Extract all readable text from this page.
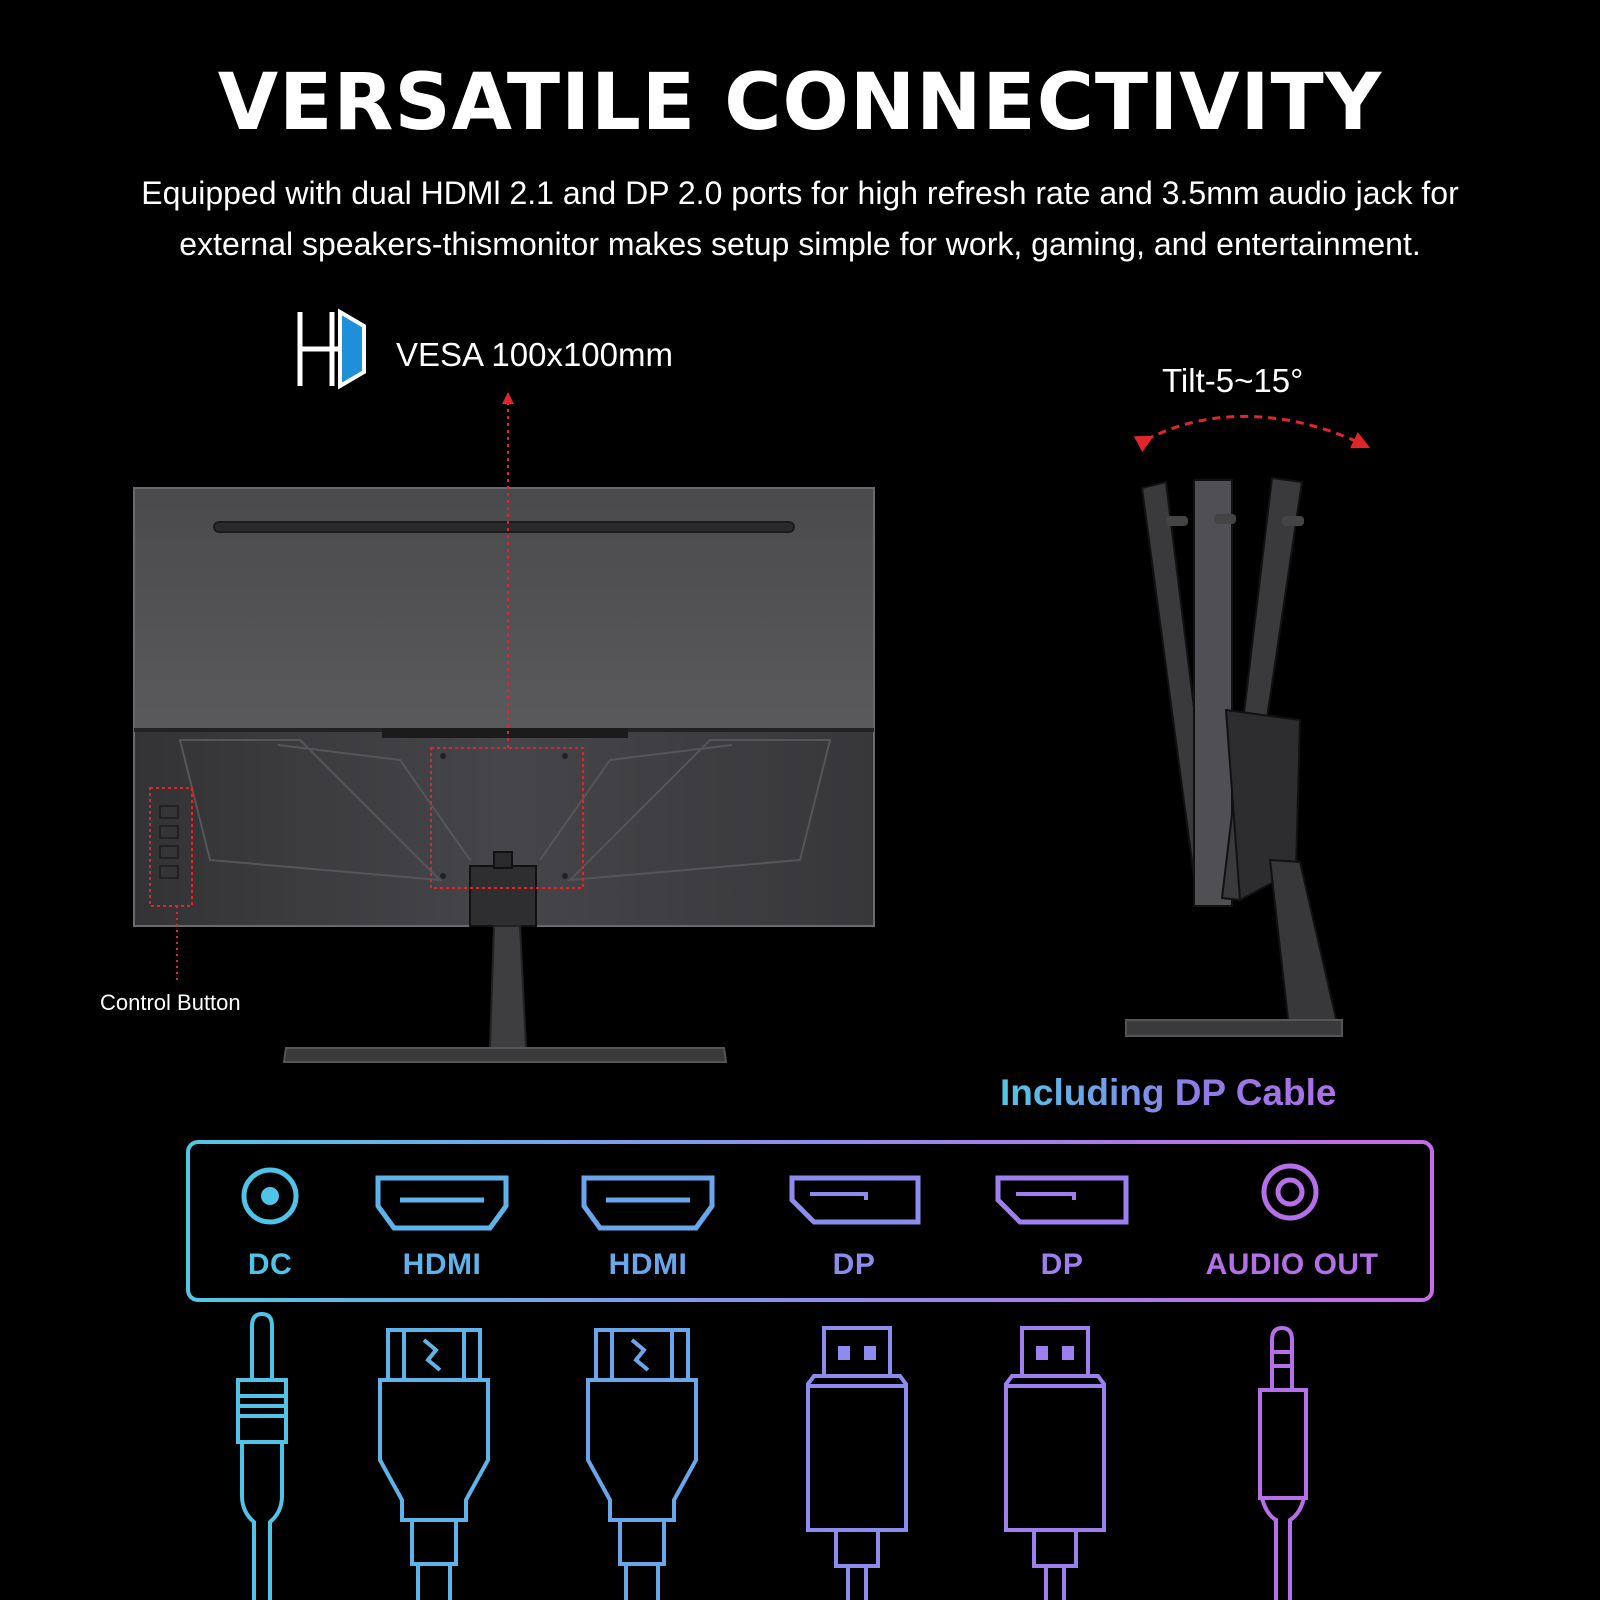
VERSATILE CONNECTIVITY
Equipped with dual HDMl 2.1 and DP 2.0 ports for high refresh rate and 3.5mm audio jack for
external speakers-thismonitor makes setup simple for work, gaming, and entertainment.
VESA 100x100mm
Tilt-5~15°
Control Button
Including DP Cable
DC	HDMI	HDMI	DP	DP	AUDIO OUT
